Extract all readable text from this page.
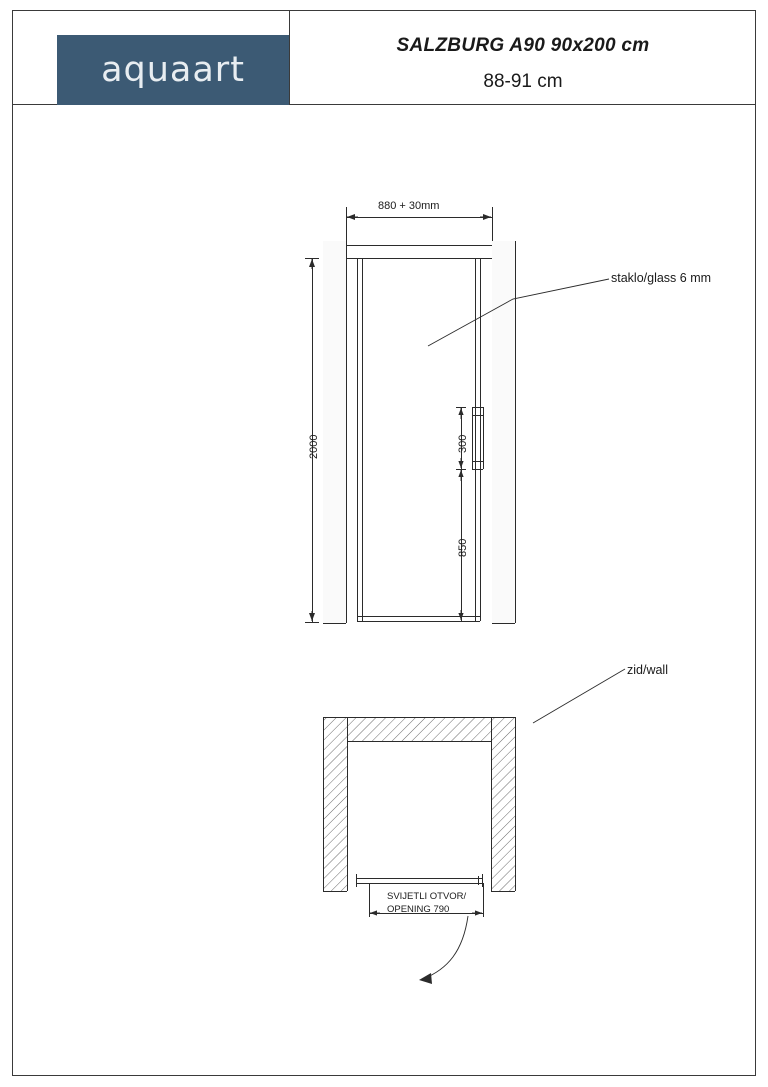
aquaart
SALZBURG A90 90x200 cm
88-91 cm
880 + 30mm
2000	300
850
staklo/glass 6 mm
SVIJETLI OTVOR/
OPENING 790
zid/wall
